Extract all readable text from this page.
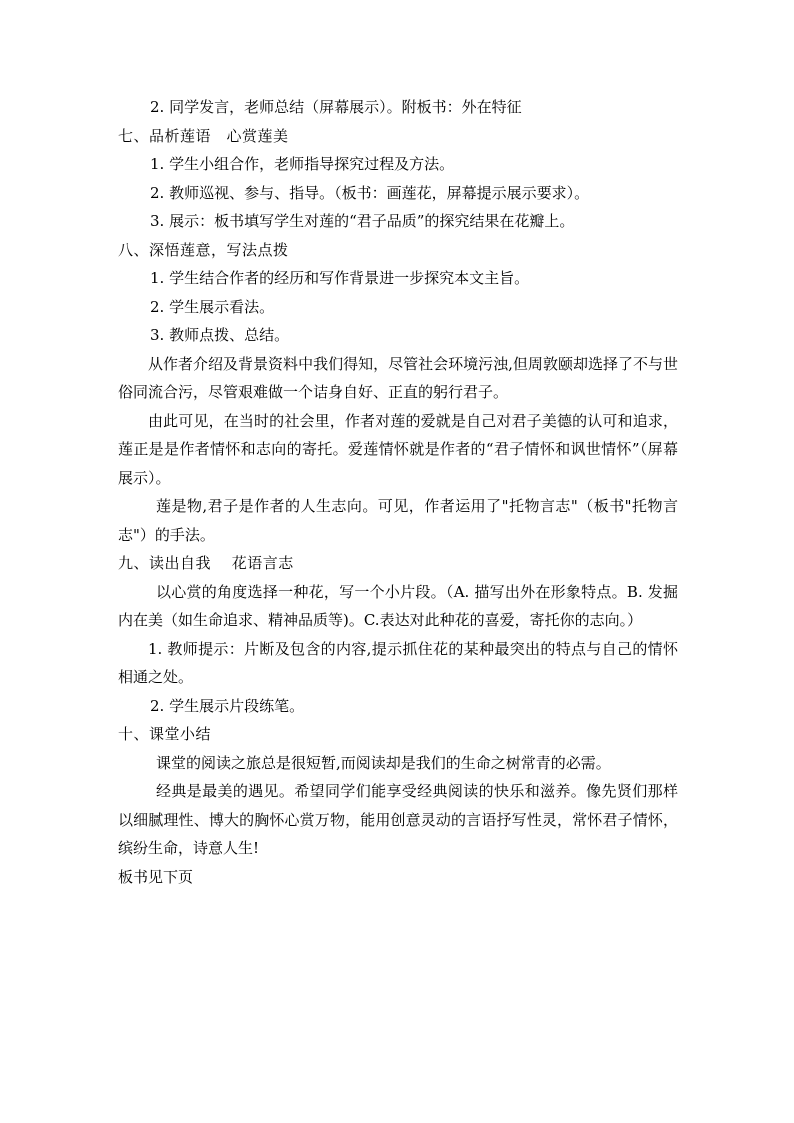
2. 同学发言，老师总结（屏幕展示）。附板书：外在特征
七、品析莲语　心赏莲美
1. 学生小组合作，老师指导探究过程及方法。
2. 教师巡视、参与、指导。（板书：画莲花，屏幕提示展示要求）。
3. 展示：板书填写学生对莲的“君子品质”的探究结果在花瓣上。
八、深悟莲意，写法点拨
1. 学生结合作者的经历和写作背景进一步探究本文主旨。
2. 学生展示看法。
3. 教师点拨、总结。
从作者介绍及背景资料中我们得知，尽管社会环境污浊,但周敦颐却选择了不与世俗同流合污，尽管艰难做一个诘身自好、正直的躬行君子。
由此可见，在当时的社会里，作者对莲的爱就是自己对君子美德的认可和追求，莲正是是作者情怀和志向的寄托。爱莲情怀就是作者的“君子情怀和讽世情怀”（屏幕展示）。
莲是物,君子是作者的人生志向。可见，作者运用了"托物言志"（板书"托物言志"）的手法。
九、读出自我　 花语言志
以心赏的角度选择一种花，写一个小片段。（A. 描写出外在形象特点。B. 发掘内在美（如生命追求、精神品质等)。C.表达对此种花的喜爱，寄托你的志向。）
1. 教师提示：片断及包含的内容,提示抓住花的某种最突出的特点与自己的情怀相通之处。
2. 学生展示片段练笔。
十、课堂小结
课堂的阅读之旅总是很短暂,而阅读却是我们的生命之树常青的必需。
经典是最美的遇见。希望同学们能享受经典阅读的快乐和滋养。像先贤们那样以细腻理性、博大的胸怀心赏万物，能用创意灵动的言语抒写性灵，常怀君子情怀，缤纷生命，诗意人生!
板书见下页
